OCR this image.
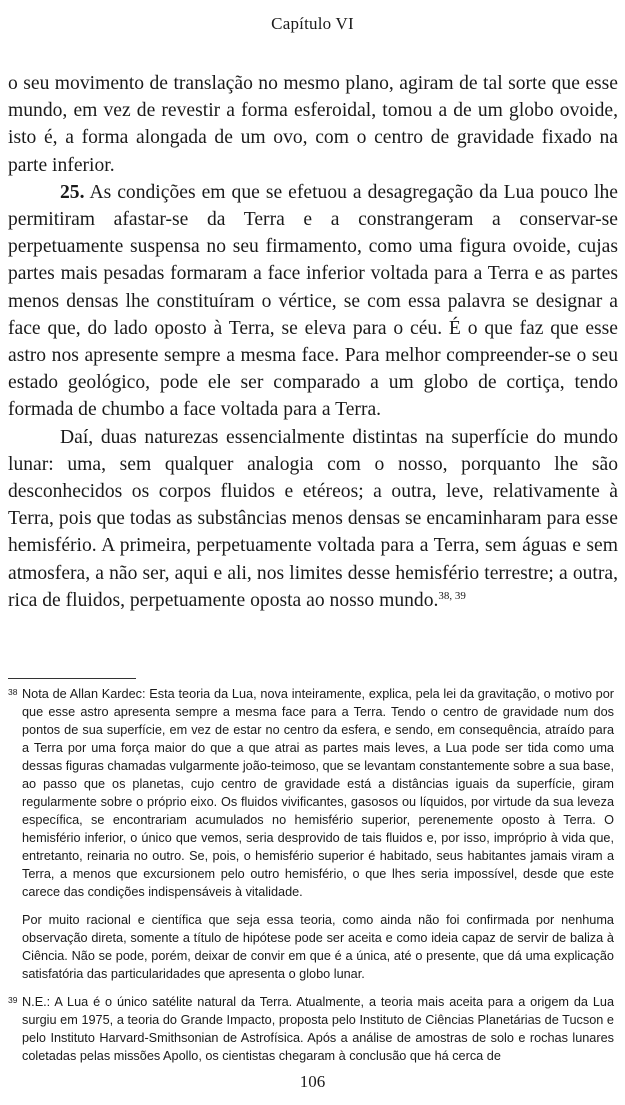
Capítulo VI

o seu movimento de translação no mesmo plano, agiram de tal sorte que esse mundo, em vez de revestir a forma esferoidal, tomou a de um globo ovoide, isto é, a forma alongada de um ovo, com o centro de gravidade fixado na parte inferior.

25. As condições em que se efetuou a desagregação da Lua pouco lhe permitiram afastar-se da Terra e a constrangeram a conservar-se perpetuamente suspensa no seu firmamento, como uma figura ovoide, cujas partes mais pesadas formaram a face inferior voltada para a Terra e as partes menos densas lhe constituíram o vértice, se com essa palavra se designar a face que, do lado oposto à Terra, se eleva para o céu. É o que faz que esse astro nos apresente sempre a mesma face. Para melhor compreender-se o seu estado geológico, pode ele ser comparado a um globo de cortiça, tendo formada de chumbo a face voltada para a Terra.

Daí, duas naturezas essencialmente distintas na superfície do mundo lunar: uma, sem qualquer analogia com o nosso, porquanto lhe são desconhecidos os corpos fluidos e etéreos; a outra, leve, relativamente à Terra, pois que todas as substâncias menos densas se encaminharam para esse hemisfério. A primeira, perpetuamente voltada para a Terra, sem águas e sem atmosfera, a não ser, aqui e ali, nos limites desse hemisfério terrestre; a outra, rica de fluidos, perpetuamente oposta ao nosso mundo.$^{38, 39}$

38 Nota de Allan Kardec: Esta teoria da Lua, nova inteiramente, explica, pela lei da gravitação, o motivo por que esse astro apresenta sempre a mesma face para a Terra. Tendo o centro de gravidade num dos pontos de sua superfície, em vez de estar no centro da esfera, e sendo, em consequência, atraído para a Terra por uma força maior do que a que atrai as partes mais leves, a Lua pode ser tida como uma dessas figuras chamadas vulgarmente joão-teimoso, que se levantam constantemente sobre a sua base, ao passo que os planetas, cujo centro de gravidade está a distâncias iguais da superfície, giram regularmente sobre o próprio eixo. Os fluidos vivificantes, gasosos ou líquidos, por virtude da sua leveza específica, se encontrariam acumulados no hemisfério superior, perenemente oposto à Terra. O hemisfério inferior, o único que vemos, seria desprovido de tais fluidos e, por isso, impróprio à vida que, entretanto, reinaria no outro. Se, pois, o hemisfério superior é habitado, seus habitantes jamais viram a Terra, a menos que excursionem pelo outro hemisfério, o que lhes seria impossível, desde que este carece das condições indispensáveis à vitalidade.

Por muito racional e científica que seja essa teoria, como ainda não foi confirmada por nenhuma observação direta, somente a título de hipótese pode ser aceita e como ideia capaz de servir de baliza à Ciência. Não se pode, porém, deixar de convir em que é a única, até o presente, que dá uma explicação satisfatória das particularidades que apresenta o globo lunar.

39 N.E.: A Lua é o único satélite natural da Terra. Atualmente, a teoria mais aceita para a origem da Lua surgiu em 1975, a teoria do Grande Impacto, proposta pelo Instituto de Ciências Planetárias de Tucson e pelo Instituto Harvard-Smithsonian de Astrofísica. Após a análise de amostras de solo e rochas lunares coletadas pelas missões Apollo, os cientistas chegaram à conclusão que há cerca de

106
